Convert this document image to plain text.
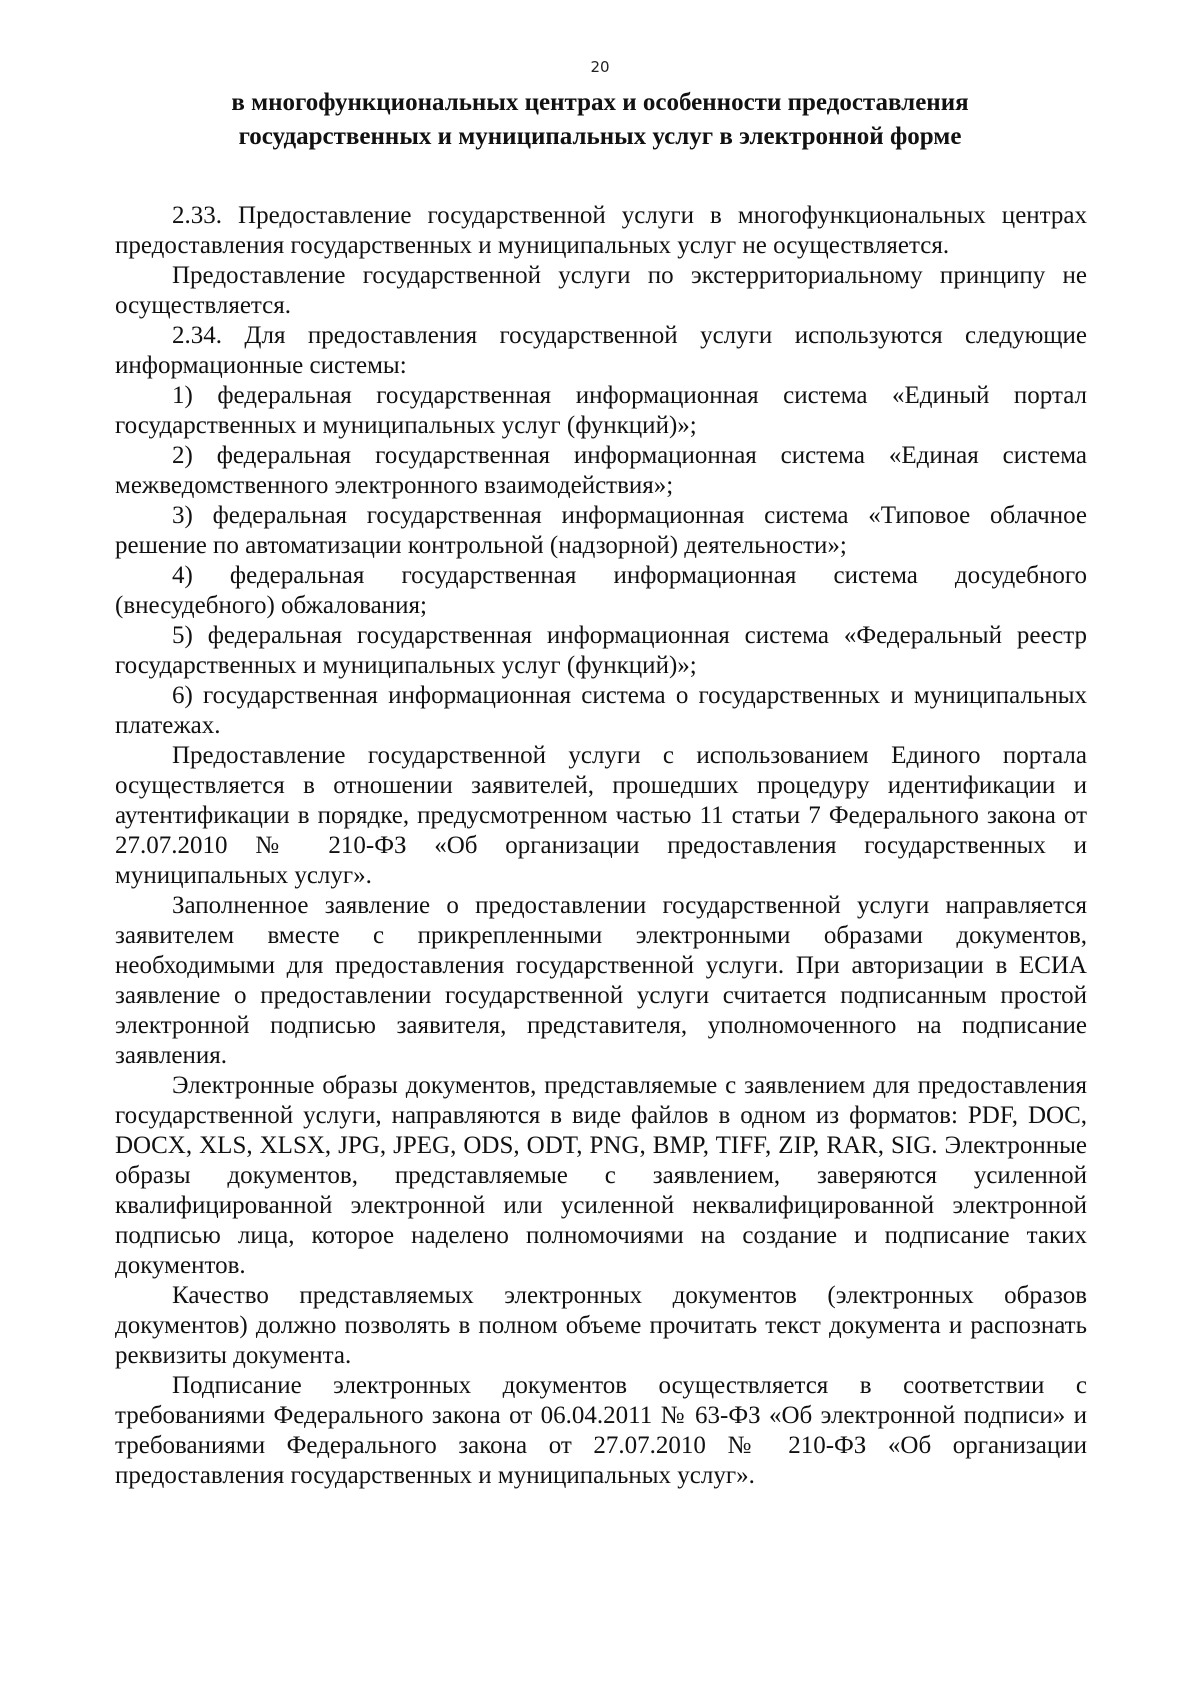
20
в многофункциональных центрах и особенности предоставления
государственных и муниципальных услуг в электронной форме

2.33. Предоставление государственной услуги в многофункциональных центрах предоставления государственных и муниципальных услуг не осуществляется.

Предоставление государственной услуги по экстерриториальному принципу не осуществляется.

2.34. Для предоставления государственной услуги используются следующие информационные системы:

1) федеральная государственная информационная система «Единый портал государственных и муниципальных услуг (функций)»;

2) федеральная государственная информационная система «Единая система межведомственного электронного взаимодействия»;

3) федеральная государственная информационная система «Типовое облачное решение по автоматизации контрольной (надзорной) деятельности»;

4) федеральная государственная информационная система досудебного (внесудебного) обжалования;

5) федеральная государственная информационная система «Федеральный реестр государственных и муниципальных услуг (функций)»;

6) государственная информационная система о государственных и муниципальных платежах.

Предоставление государственной услуги с использованием Единого портала осуществляется в отношении заявителей, прошедших процедуру идентификации и аутентификации в порядке, предусмотренном частью 11 статьи 7 Федерального закона от 27.07.2010 № 210-ФЗ «Об организации предоставления государственных и муниципальных услуг».

Заполненное заявление о предоставлении государственной услуги направляется заявителем вместе с прикрепленными электронными образами документов, необходимыми для предоставления государственной услуги. При авторизации в ЕСИА заявление о предоставлении государственной услуги считается подписанным простой электронной подписью заявителя, представителя, уполномоченного на подписание заявления.

Электронные образы документов, представляемые с заявлением для предоставления государственной услуги, направляются в виде файлов в одном из форматов: PDF, DOC, DOCX, XLS, XLSX, JPG, JPEG, ODS, ODT, PNG, BMP, TIFF, ZIP, RAR, SIG. Электронные образы документов, представляемые с заявлением, заверяются усиленной квалифицированной электронной или усиленной неквалифицированной электронной подписью лица, которое наделено полномочиями на создание и подписание таких документов.

Качество представляемых электронных документов (электронных образов документов) должно позволять в полном объеме прочитать текст документа и распознать реквизиты документа.

Подписание электронных документов осуществляется в соответствии с требованиями Федерального закона от 06.04.2011 № 63-ФЗ «Об электронной подписи» и требованиями Федерального закона от 27.07.2010 № 210-ФЗ «Об организации предоставления государственных и муниципальных услуг».
